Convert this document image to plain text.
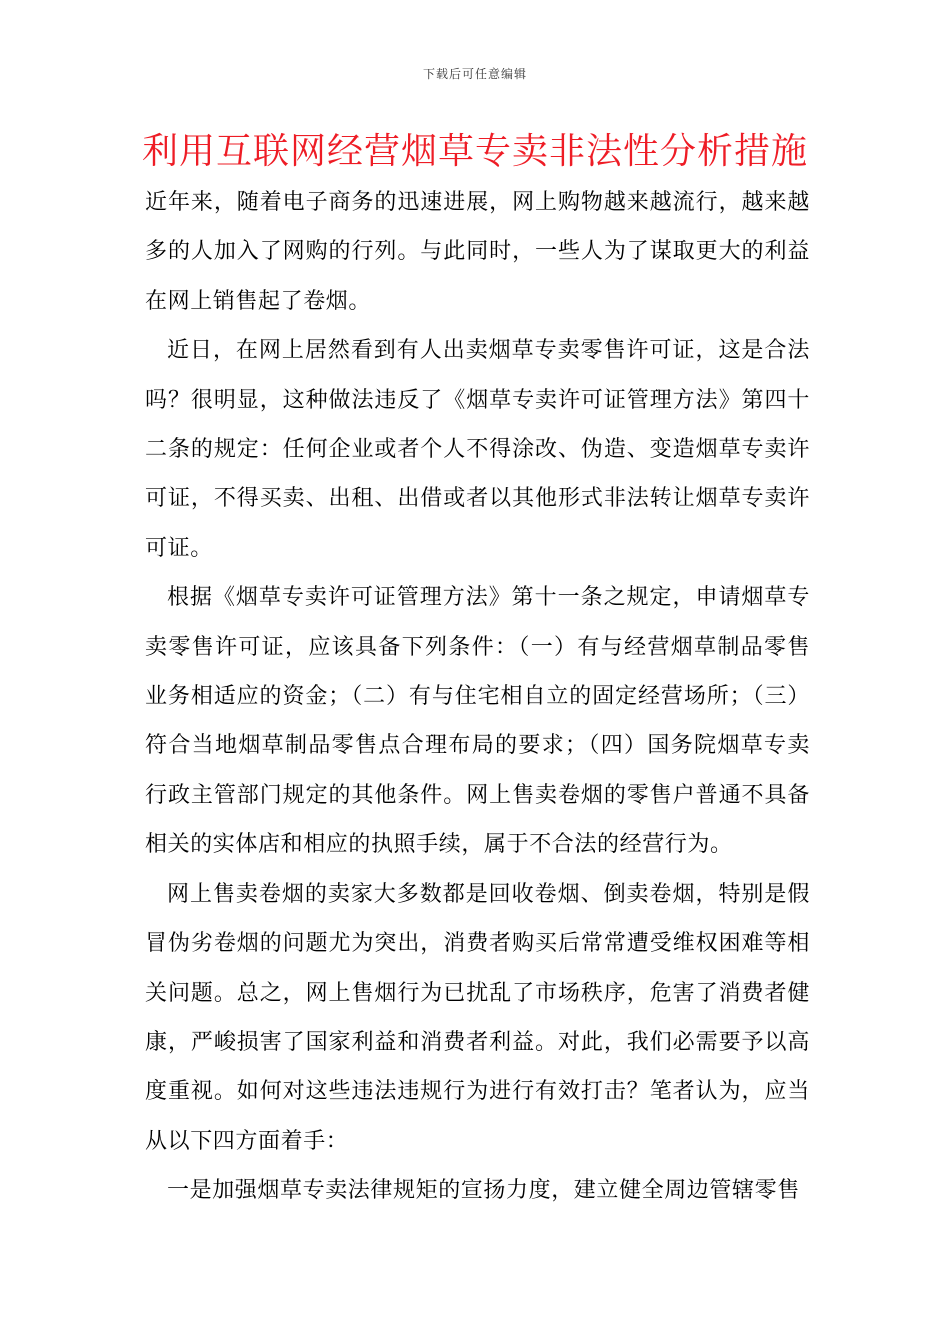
下载后可任意编辑
利用互联网经营烟草专卖非法性分析措施

近年来，随着电子商务的迅速进展，网上购物越来越流行，越来越多的人加入了网购的行列。与此同时，一些人为了谋取更大的利益在网上销售起了卷烟。

近日，在网上居然看到有人出卖烟草专卖零售许可证，这是合法吗？很明显，这种做法违反了《烟草专卖许可证管理方法》第四十二条的规定：任何企业或者个人不得涂改、伪造、变造烟草专卖许可证，不得买卖、出租、出借或者以其他形式非法转让烟草专卖许可证。

根据《烟草专卖许可证管理方法》第十一条之规定，申请烟草专卖零售许可证，应该具备下列条件：（一）有与经营烟草制品零售业务相适应的资金；（二）有与住宅相自立的固定经营场所；（三）符合当地烟草制品零售点合理布局的要求；（四）国务院烟草专卖行政主管部门规定的其他条件。网上售卖卷烟的零售户普通不具备相关的实体店和相应的执照手续，属于不合法的经营行为。

网上售卖卷烟的卖家大多数都是回收卷烟、倒卖卷烟，特别是假冒伪劣卷烟的问题尤为突出，消费者购买后常常遭受维权困难等相关问题。总之，网上售烟行为已扰乱了市场秩序，危害了消费者健康，严峻损害了国家利益和消费者利益。对此，我们必需要予以高度重视。如何对这些违法违规行为进行有效打击？笔者认为，应当从以下四方面着手：

一是加强烟草专卖法律规矩的宣扬力度，建立健全周边管辖零售
